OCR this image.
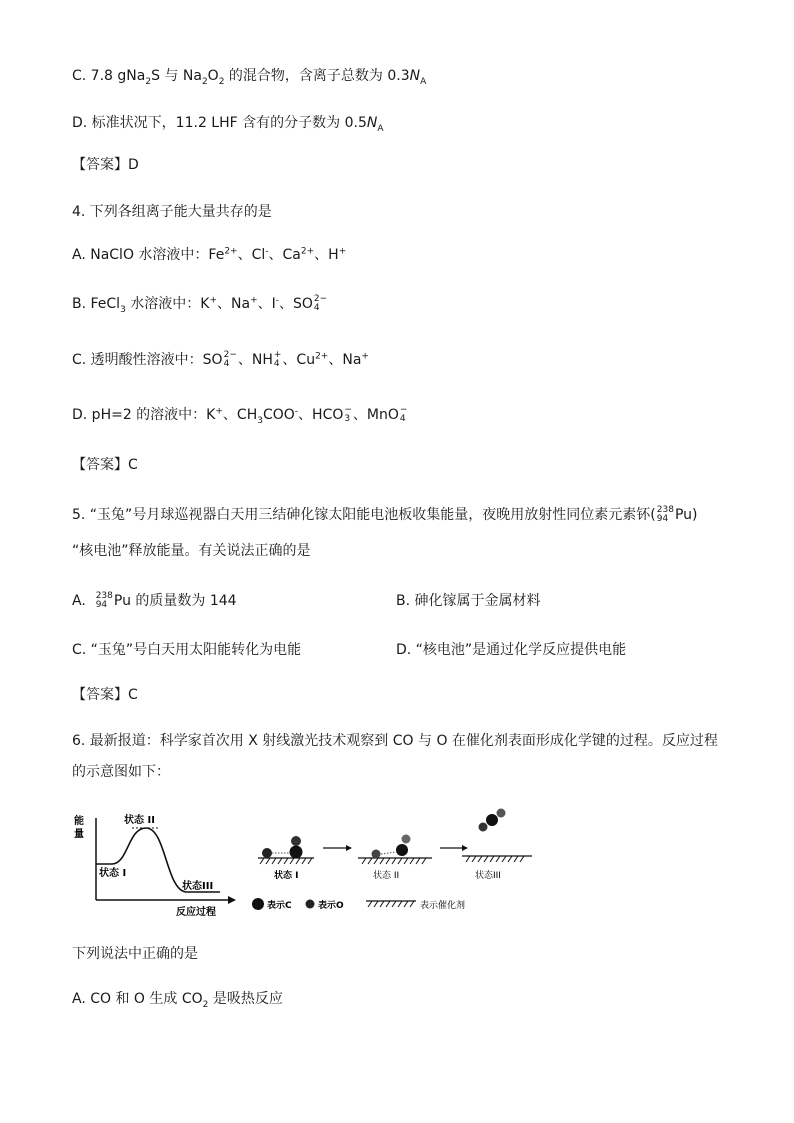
C. 7.8 gNa$_2$S 与 $Na_2O_2$ 的混合物，含离子总数为 $0.3N_A$
D. 标准状况下，11.2 LHF 含有的分子数为 $0.5N_A$
【答案】D
4. 下列各组离子能大量共存的是
A. NaClO 水溶液中：$Fe^{2+}$、Cl-、$Ca^{2+}$、H+
B. FeCl$_3$ 水溶液中：K+、Na+、I-、SO 2−
4
C. 透明酸性溶液中：SO 2−
4 、NH +
4 、$Cu^{2+}$、Na+
D. pH=2 的溶液中：K+、$CH_3COO^-$、HCO −
3 、MnO −
4
【答案】C
5. “玉兔”号月球巡视器白天用三结砷化镓太阳能电池板收集能量，夜晚用放射性同位素元素钚( 238
94 Pu)
“核电池”释放能量。有关说法正确的是
A. 238
94 Pu 的质量数为 144	B. 砷化镓属于金属材料
C. “玉兔”号白天用太阳能转化为电能	D. “核电池”是通过化学反应提供电能
【答案】C
6. 最新报道：科学家首次用 X 射线激光技术观察到 CO 与 O 在催化剂表面形成化学键的过程。反应过程
的示意图如下：
能
量
反应过程
状态 II
状态 I
状态III
状态 I	状态 II	状态III
表示C	表示O	表示催化剂
下列说法中正确的是
A. CO 和 O 生成 $CO_2$ 是吸热反应
